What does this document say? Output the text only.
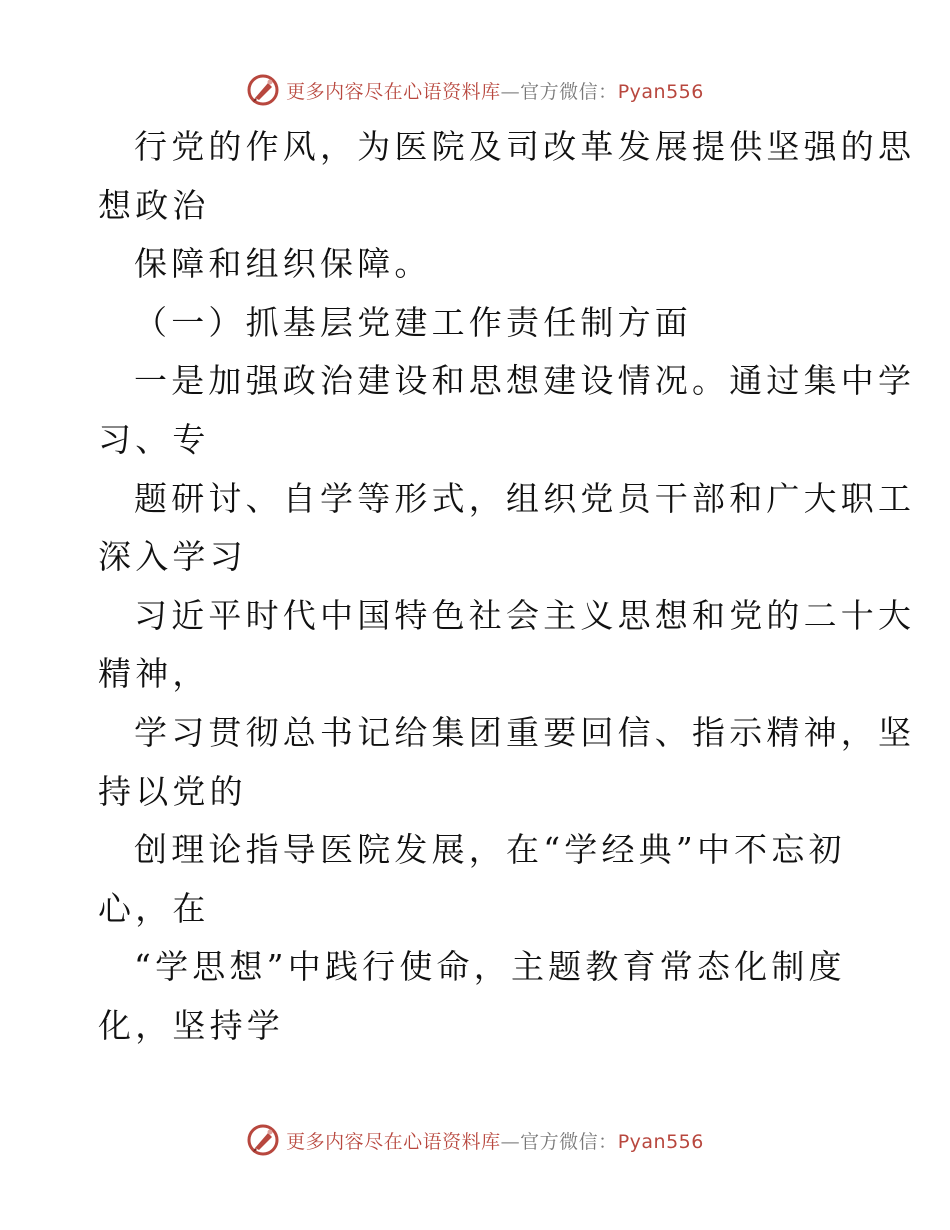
更多内容尽在心语资料库—官方微信：Pyan556
行党的作风，为医院及司改革发展提供坚强的思
想政治
保障和组织保障。
（一）抓基层党建工作责任制方面
一是加强政治建设和思想建设情况。通过集中学
习、专
题研讨、自学等形式，组织党员干部和广大职工
深入学习
习近平时代中国特色社会主义思想和党的二十大
精神，
学习贯彻总书记给集团重要回信、指示精神，坚
持以党的
创理论指导医院发展，在“学经典”中不忘初
心，在
“学思想”中践行使命，主题教育常态化制度
化，坚持学
更多内容尽在心语资料库—官方微信：Pyan556
